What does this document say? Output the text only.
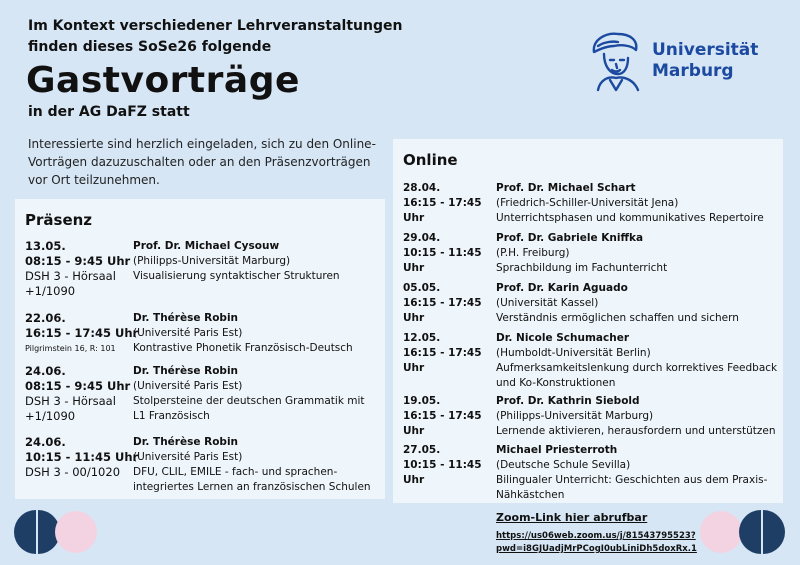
Im Kontext verschiedener Lehrveranstaltungen finden dieses SoSe26 folgende
Gastvorträge
in der AG DaFZ statt
Interessierte sind herzlich eingeladen, sich zu den Online-Vorträgen dazuzuschalten oder an den Präsenzvorträgen vor Ort teilzunehmen.
Universität
Marburg
Präsenz
13.05.
08:15 - 9:45 Uhr
DSH 3 - Hörsaal +1/1090
Prof. Dr. Michael Cysouw
(Philipps-Universität Marburg)
Visualisierung syntaktischer Strukturen
22.06.
16:15 - 17:45 Uhr
Pilgrimstein 16, R: 101
Dr. Thérèse Robin
(Université Paris Est)
Kontrastive Phonetik Französisch-Deutsch
24.06.
08:15 - 9:45 Uhr
DSH 3 - Hörsaal +1/1090
Dr. Thérèse Robin
(Université Paris Est)
Stolpersteine der deutschen Grammatik mit L1 Französisch
24.06.
10:15 - 11:45 Uhr
DSH 3 - 00/1020
Dr. Thérèse Robin
(Université Paris Est)
DFU, CLIL, EMILE - fach- und sprachen-integriertes Lernen an französischen Schulen
Online
28.04.
16:15 - 17:45 Uhr
Prof. Dr. Michael Schart
(Friedrich-Schiller-Universität Jena)
Unterrichtsphasen und kommunikatives Repertoire
29.04.
10:15 - 11:45 Uhr
Prof. Dr. Gabriele Kniffka
(P.H. Freiburg)
Sprachbildung im Fachunterricht
05.05.
16:15 - 17:45 Uhr
Prof. Dr. Karin Aguado
(Universität Kassel)
Verständnis ermöglichen schaffen und sichern
12.05.
16:15 - 17:45 Uhr
Dr. Nicole Schumacher
(Humboldt-Universität Berlin)
Aufmerksamkeitslenkung durch korrektives Feedback und Ko-Konstruktionen
19.05.
16:15 - 17:45 Uhr
Prof. Dr. Kathrin Siebold
(Philipps-Universität Marburg)
Lernende aktivieren, herausfordern und unterstützen
27.05.
10:15 - 11:45 Uhr
Michael Priesterroth
(Deutsche Schule Sevilla)
Bilingualer Unterricht: Geschichten aus dem Praxis-Nähkästchen
Zoom-Link hier abrufbar
https://us06web.zoom.us/j/81543795523?
pwd=i8GJUadjMrPCogI0ubLiniDh5doxRx.1
